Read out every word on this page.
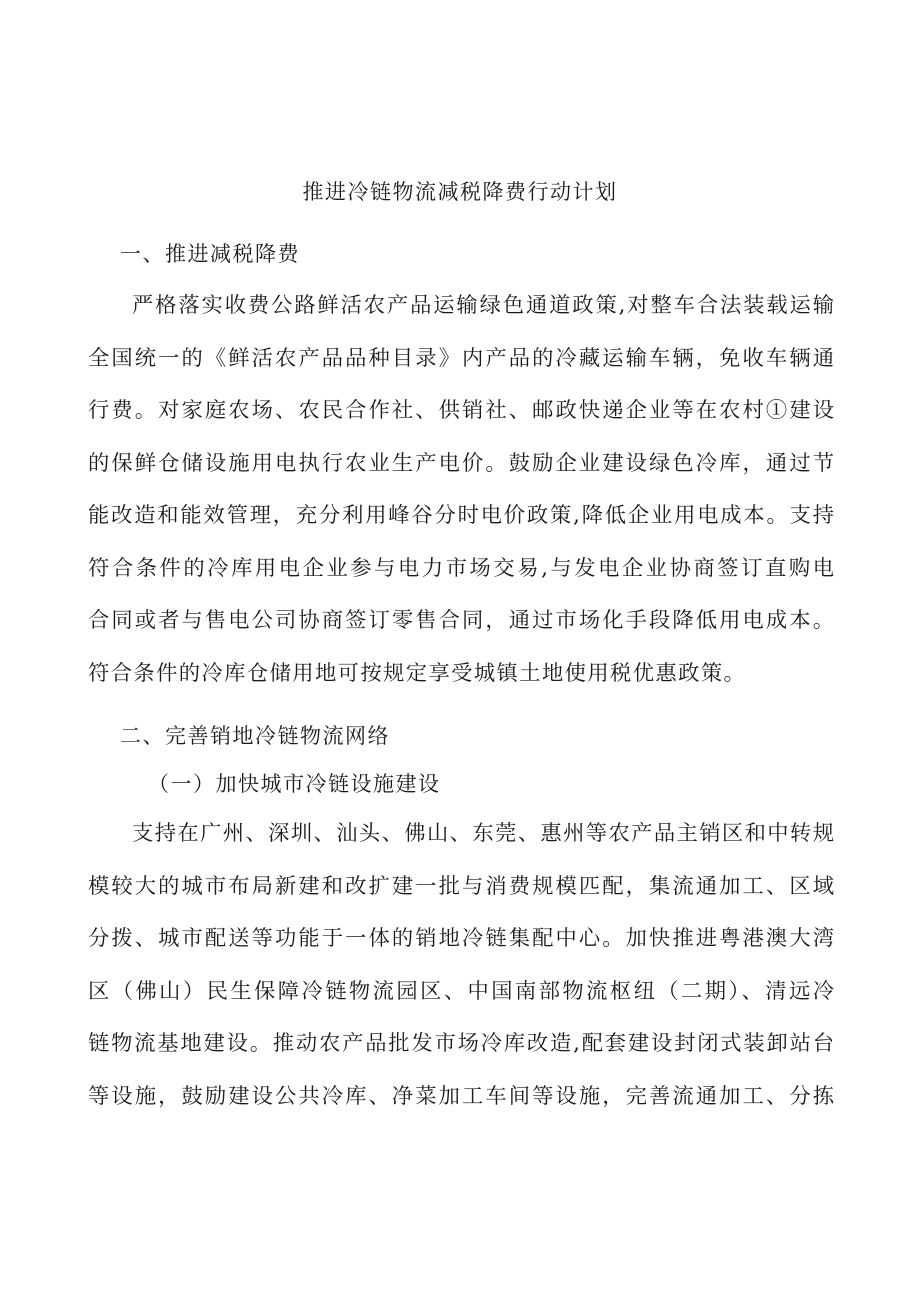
推进冷链物流减税降费行动计划
一、推进减税降费
严格落实收费公路鲜活农产品运输绿色通道政策,对整车合法装载运输
全国统一的《鲜活农产品品种目录》内产品的冷藏运输车辆，免收车辆通
行费。对家庭农场、农民合作社、供销社、邮政快递企业等在农村①建设
的保鲜仓储设施用电执行农业生产电价。鼓励企业建设绿色冷库，通过节
能改造和能效管理，充分利用峰谷分时电价政策,降低企业用电成本。支持
符合条件的冷库用电企业参与电力市场交易,与发电企业协商签订直购电
合同或者与售电公司协商签订零售合同，通过市场化手段降低用电成本。
符合条件的冷库仓储用地可按规定享受城镇土地使用税优惠政策。
二、完善销地冷链物流网络
（一）加快城市冷链设施建设
支持在广州、深圳、汕头、佛山、东莞、惠州等农产品主销区和中转规
模较大的城市布局新建和改扩建一批与消费规模匹配，集流通加工、区域
分拨、城市配送等功能于一体的销地冷链集配中心。加快推进粤港澳大湾
区（佛山）民生保障冷链物流园区、中国南部物流枢纽（二期）、清远冷
链物流基地建设。推动农产品批发市场冷库改造,配套建设封闭式装卸站台
等设施，鼓励建设公共冷库、净菜加工车间等设施，完善流通加工、分拣
